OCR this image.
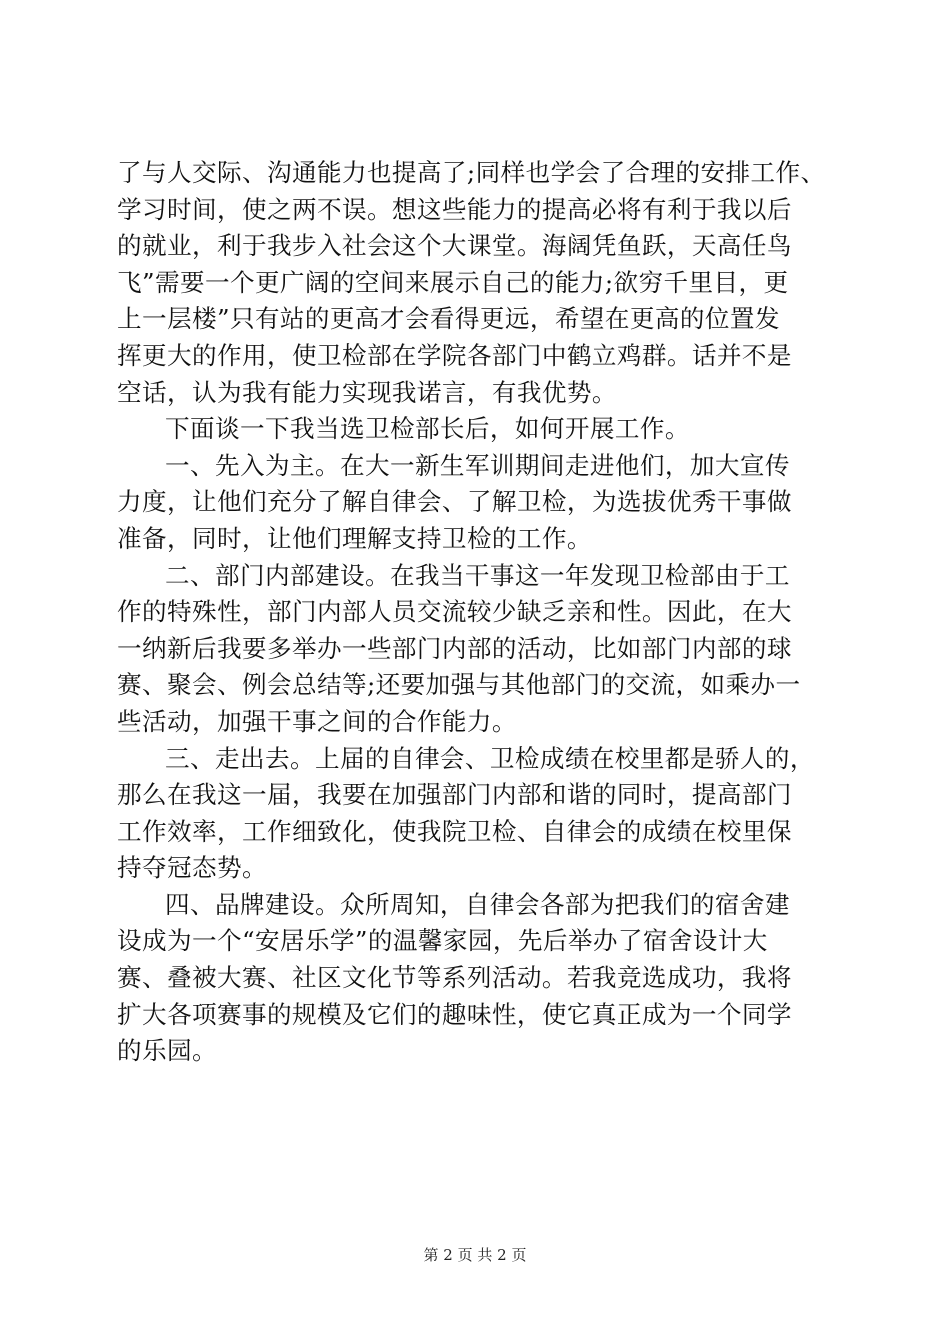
了与人交际、沟通能力也提高了;同样也学会了合理的安排工作、
学习时间，使之两不误。想这些能力的提高必将有利于我以后
的就业，利于我步入社会这个大课堂。海阔凭鱼跃，天高任鸟
飞”需要一个更广阔的空间来展示自己的能力;欲穷千里目，更
上一层楼”只有站的更高才会看得更远，希望在更高的位置发
挥更大的作用，使卫检部在学院各部门中鹤立鸡群。话并不是
空话，认为我有能力实现我诺言，有我优势。
下面谈一下我当选卫检部长后，如何开展工作。
一、先入为主。在大一新生军训期间走进他们，加大宣传
力度，让他们充分了解自律会、了解卫检，为选拔优秀干事做
准备，同时，让他们理解支持卫检的工作。
二、部门内部建设。在我当干事这一年发现卫检部由于工
作的特殊性，部门内部人员交流较少缺乏亲和性。因此，在大
一纳新后我要多举办一些部门内部的活动，比如部门内部的球
赛、聚会、例会总结等;还要加强与其他部门的交流，如乘办一
些活动，加强干事之间的合作能力。
三、走出去。上届的自律会、卫检成绩在校里都是骄人的，
那么在我这一届，我要在加强部门内部和谐的同时，提高部门
工作效率，工作细致化，使我院卫检、自律会的成绩在校里保
持夺冠态势。
四、品牌建设。众所周知，自律会各部为把我们的宿舍建
设成为一个“安居乐学”的温馨家园，先后举办了宿舍设计大
赛、叠被大赛、社区文化节等系列活动。若我竞选成功，我将
扩大各项赛事的规模及它们的趣味性，使它真正成为一个同学
的乐园。
第 2 页 共 2 页
